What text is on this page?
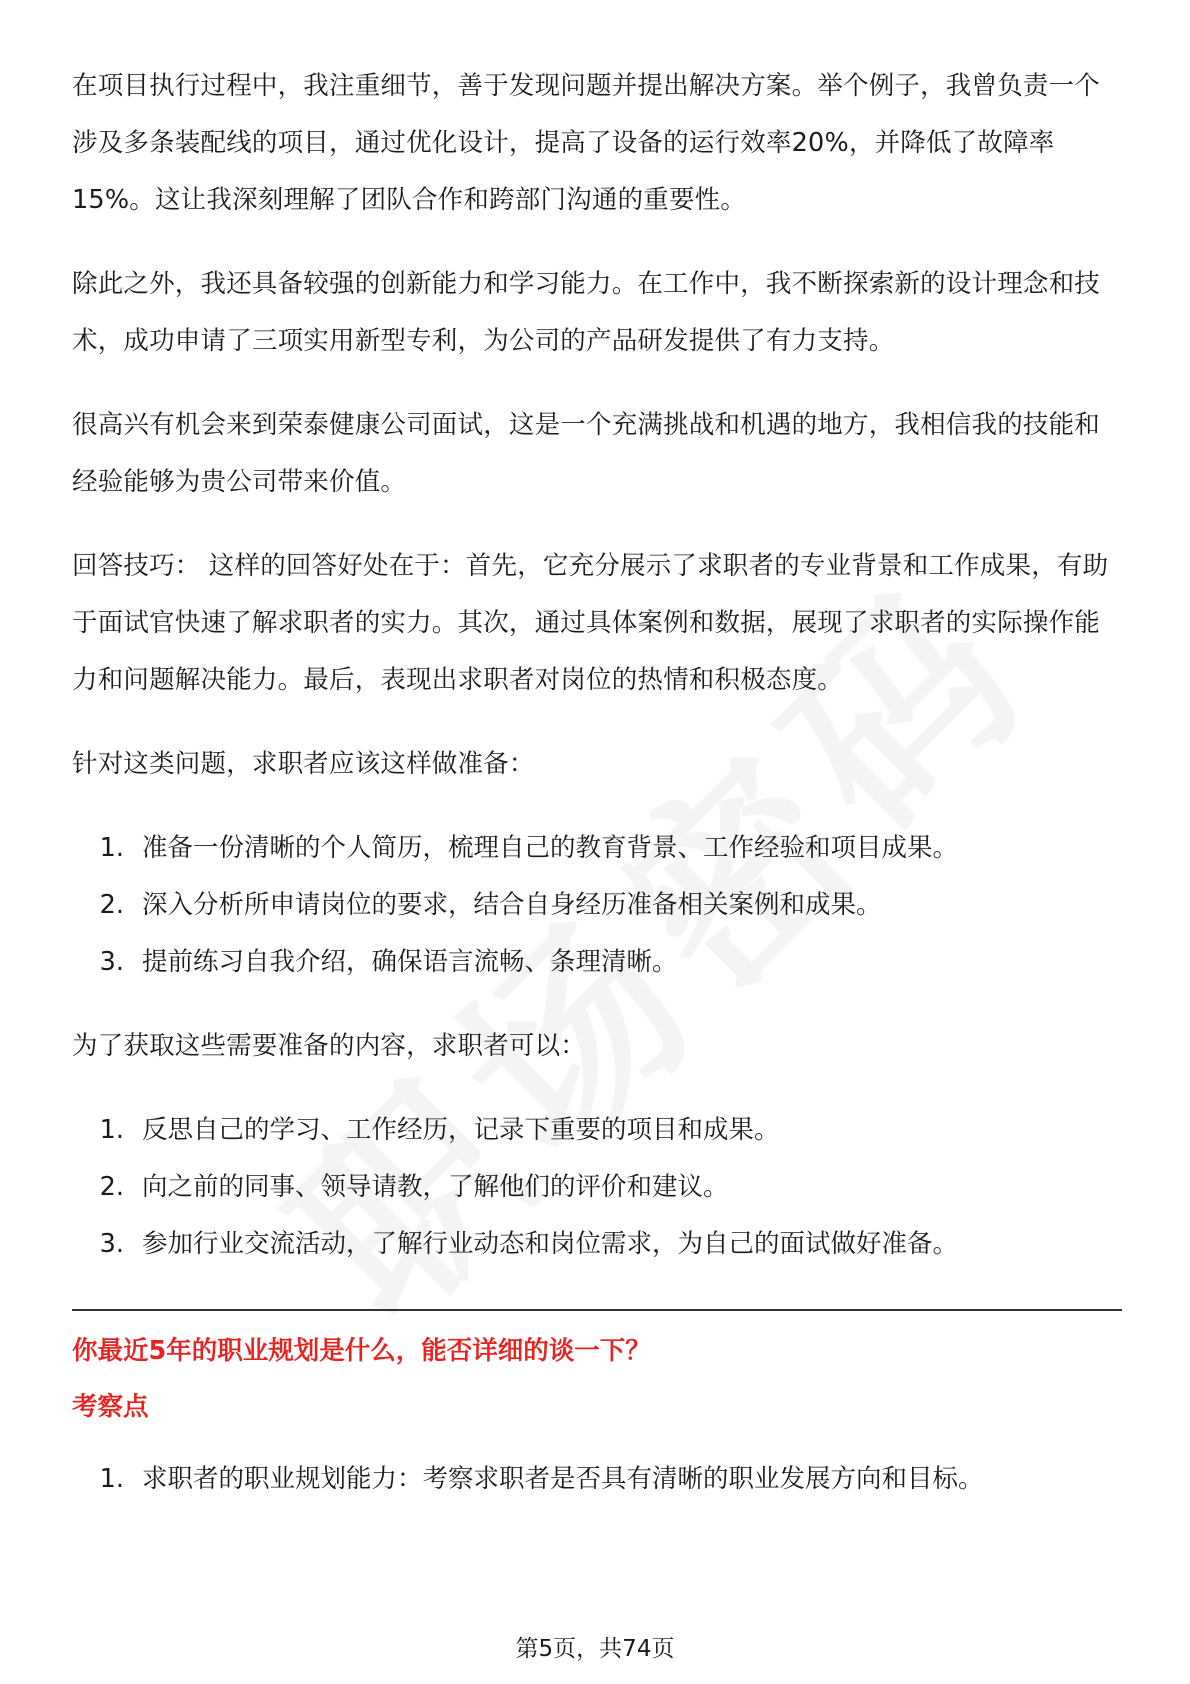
在项目执行过程中，我注重细节，善于发现问题并提出解决方案。举个例子，我曾负责一个涉及多条装配线的项目，通过优化设计，提高了设备的运行效率20%，并降低了故障率15%。这让我深刻理解了团队合作和跨部门沟通的重要性。

除此之外，我还具备较强的创新能力和学习能力。在工作中，我不断探索新的设计理念和技术，成功申请了三项实用新型专利，为公司的产品研发提供了有力支持。

很高兴有机会来到荣泰健康公司面试，这是一个充满挑战和机遇的地方，我相信我的技能和经验能够为贵公司带来价值。

回答技巧： 这样的回答好处在于：首先，它充分展示了求职者的专业背景和工作成果，有助于面试官快速了解求职者的实力。其次，通过具体案例和数据，展现了求职者的实际操作能力和问题解决能力。最后，表现出求职者对岗位的热情和积极态度。

针对这类问题，求职者应该这样做准备：

1. 准备一份清晰的个人简历，梳理自己的教育背景、工作经验和项目成果。
2. 深入分析所申请岗位的要求，结合自身经历准备相关案例和成果。
3. 提前练习自我介绍，确保语言流畅、条理清晰。

为了获取这些需要准备的内容，求职者可以：

1. 反思自己的学习、工作经历，记录下重要的项目和成果。
2. 向之前的同事、领导请教，了解他们的评价和建议。
3. 参加行业交流活动，了解行业动态和岗位需求，为自己的面试做好准备。

你最近5年的职业规划是什么，能否详细的谈一下？

考察点

1. 求职者的职业规划能力：考察求职者是否具有清晰的职业发展方向和目标。
第5页，共74页
